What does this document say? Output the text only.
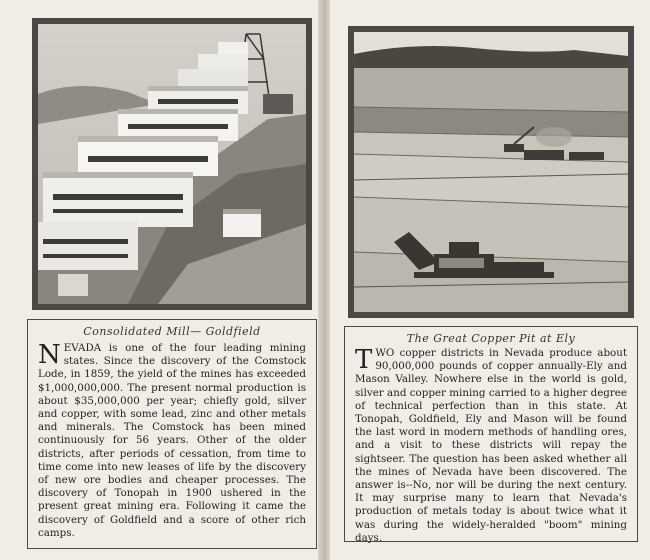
Consolidated Mill— Goldfield
N EVADA is one of the four leading mining states. Since the discovery of the Comstock Lode, in 1859, the yield of the mines has exceeded $1,000,000,000. The present normal production is about $35,000,000 per year; chiefly gold, silver and copper, with some lead, zinc and other metals and minerals. The Comstock has been mined continuously for 56 years. Other of the older districts, after periods of cessation, from time to time come into new leases of life by the discovery of new ore bodies and cheaper processes. The discovery of Tonopah in 1900 ushered in the present great mining era. Following it came the discovery of Goldfield and a score of other rich camps.
The Great Copper Pit at Ely
T WO copper districts in Nevada produce about 90,000,000 pounds of copper annually-Ely and Mason Valley. Nowhere else in the world is gold, silver and copper mining carried to a higher degree of technical perfection than in this state. At Tonopah, Goldfield, Ely and Mason will be found the last word in modern methods of handling ores, and a visit to these districts will repay the sightseer. The question has been asked whether all the mines of Nevada have been discovered. The answer is--No, nor will be during the next century. It may surprise many to learn that Nevada's production of metals today is about twice what it was during the widely-heralded "boom" mining days.
